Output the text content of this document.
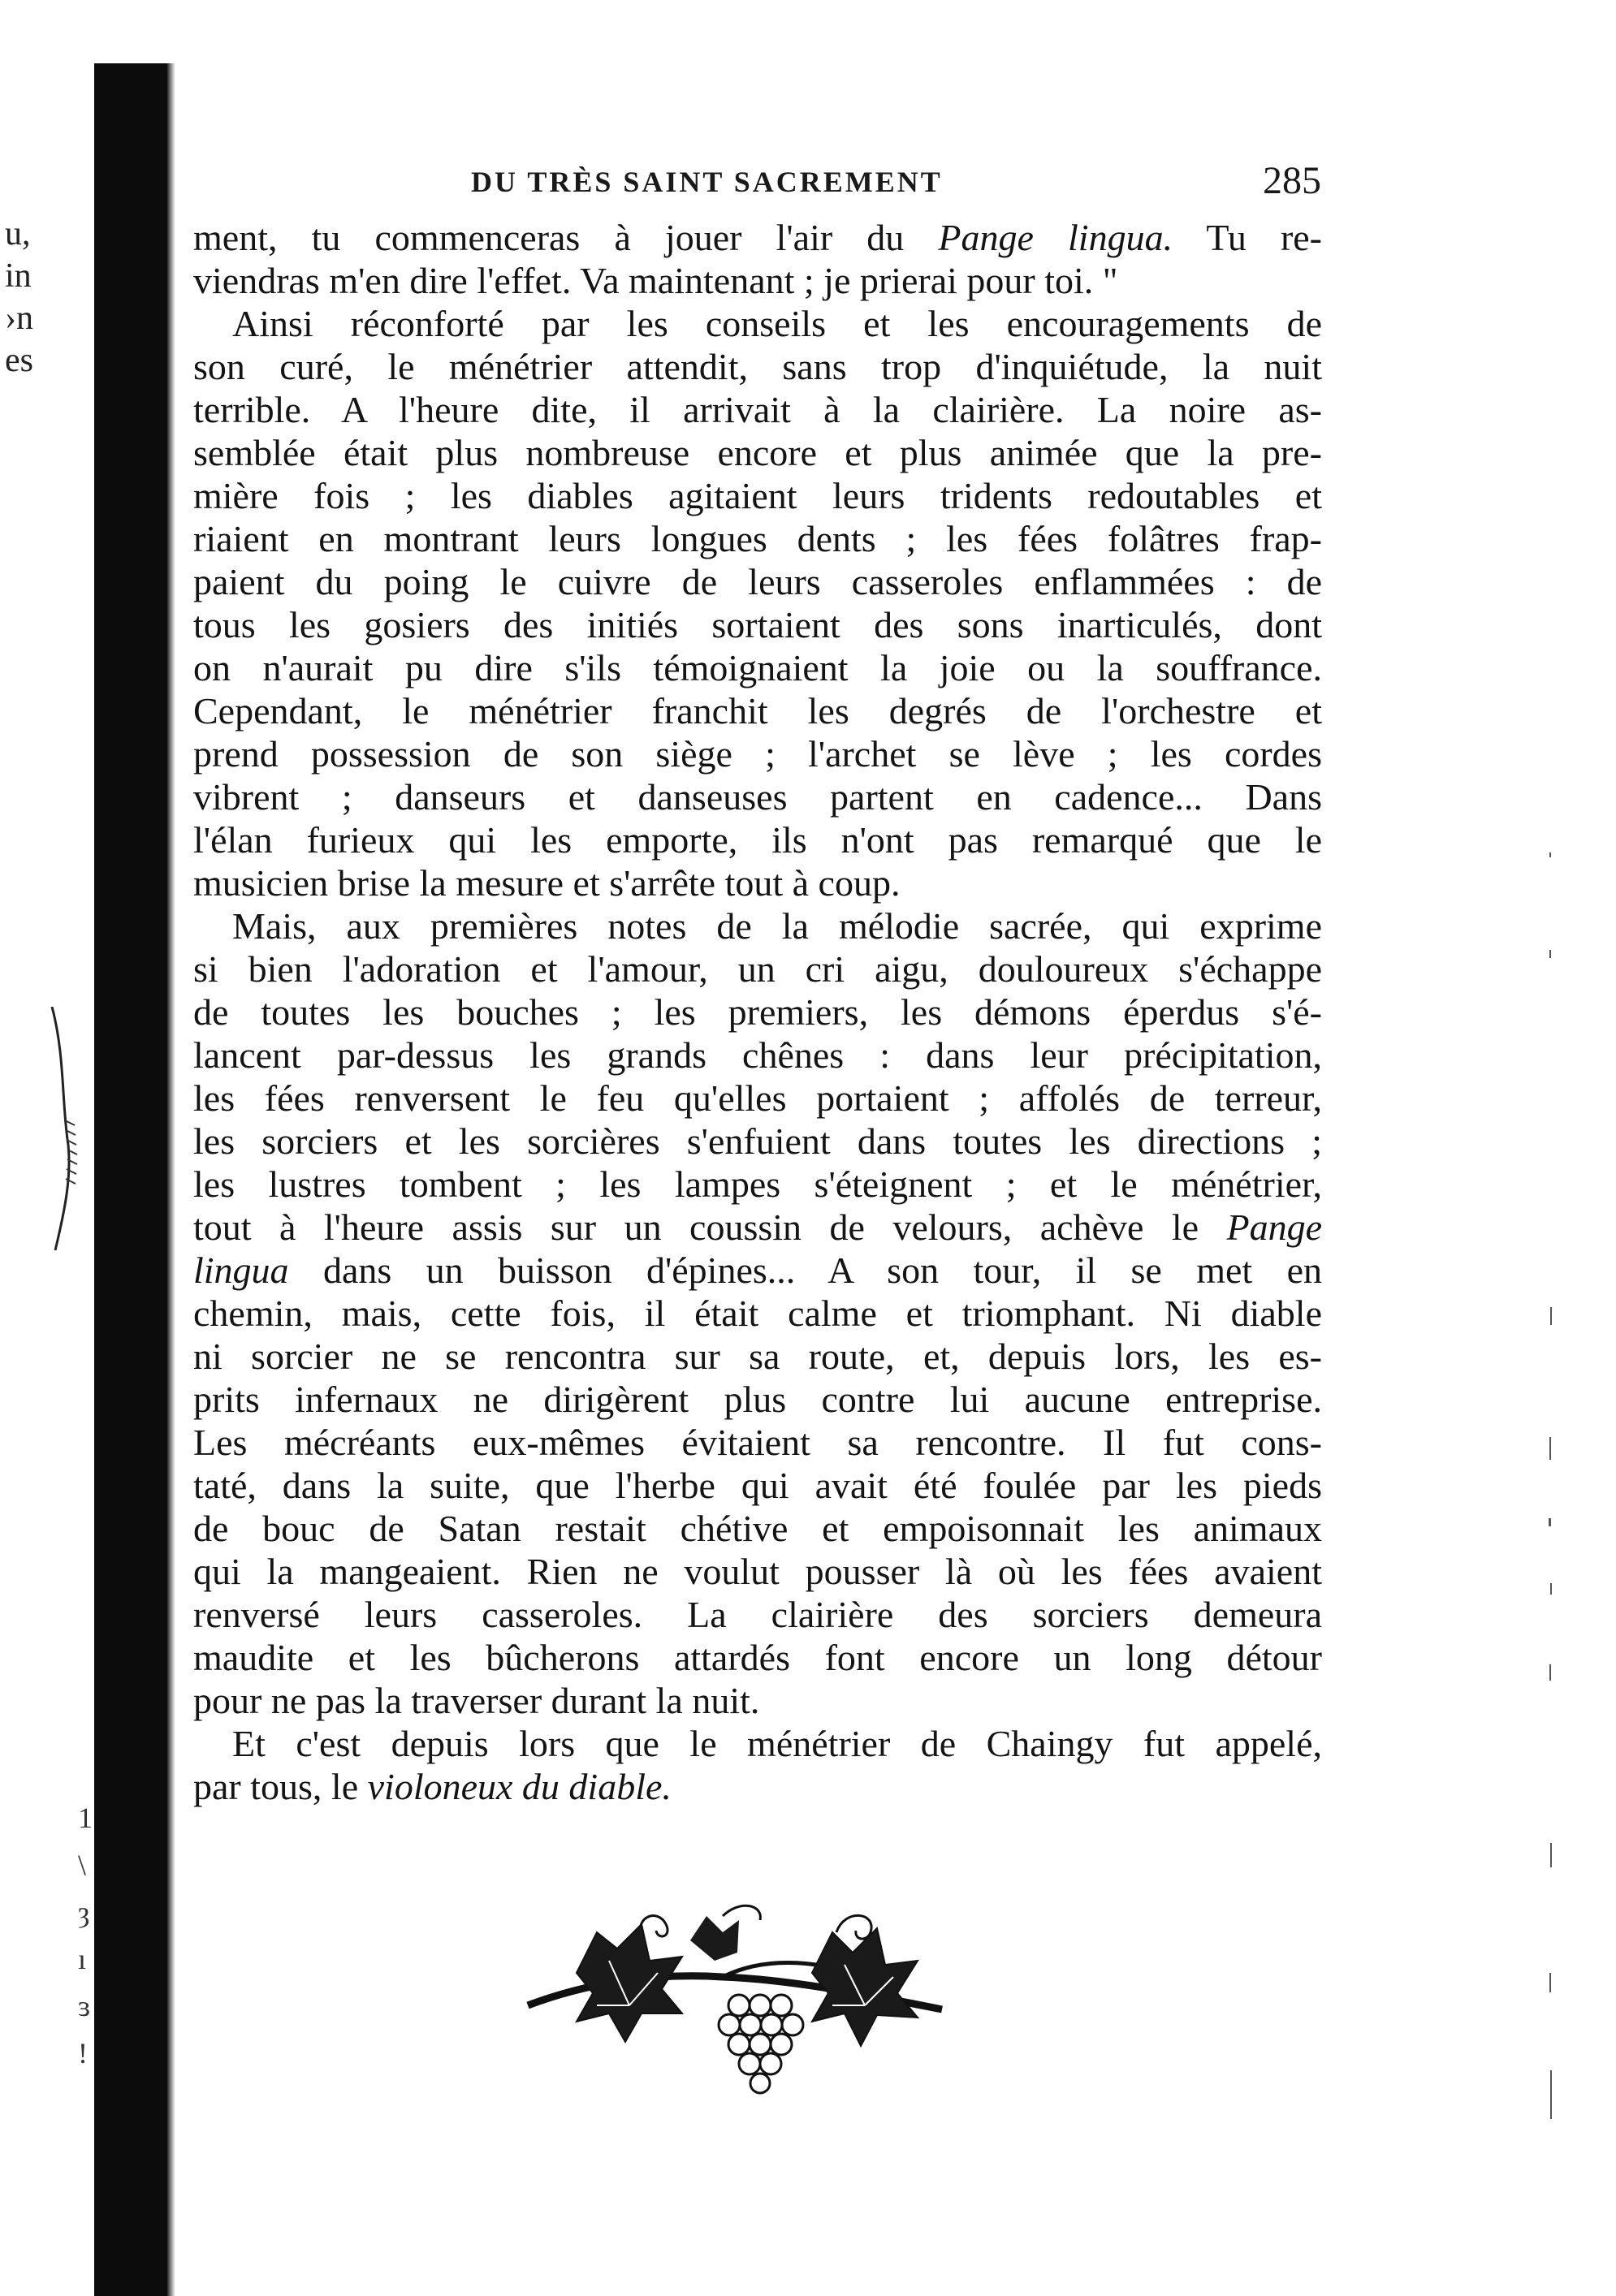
u,
in
›n
es
1
\
ȝ
ı
ɜ
!
DU TRÈS SAINT SACREMENT	285
ment, tu commenceras à jouer l'air du Pange lingua. Tu re-
viendras m'en dire l'effet. Va maintenant ; je prierai pour toi. "
Ainsi réconforté par les conseils et les encouragements de
son curé, le ménétrier attendit, sans trop d'inquiétude, la nuit
terrible. A l'heure dite, il arrivait à la clairière. La noire as-
semblée était plus nombreuse encore et plus animée que la pre-
mière fois ; les diables agitaient leurs tridents redoutables et
riaient en montrant leurs longues dents ; les fées folâtres frap-
paient du poing le cuivre de leurs casseroles enflammées : de
tous les gosiers des initiés sortaient des sons inarticulés, dont
on n'aurait pu dire s'ils témoignaient la joie ou la souffrance.
Cependant, le ménétrier franchit les degrés de l'orchestre et
prend possession de son siège ; l'archet se lève ; les cordes
vibrent ; danseurs et danseuses partent en cadence... Dans
l'élan furieux qui les emporte, ils n'ont pas remarqué que le
musicien brise la mesure et s'arrête tout à coup.
Mais, aux premières notes de la mélodie sacrée, qui exprime
si bien l'adoration et l'amour, un cri aigu, douloureux s'échappe
de toutes les bouches ; les premiers, les démons éperdus s'é-
lancent par-dessus les grands chênes : dans leur précipitation,
les fées renversent le feu qu'elles portaient ; affolés de terreur,
les sorciers et les sorcières s'enfuient dans toutes les directions ;
les lustres tombent ; les lampes s'éteignent ; et le ménétrier,
tout à l'heure assis sur un coussin de velours, achève le Pange
lingua dans un buisson d'épines... A son tour, il se met en
chemin, mais, cette fois, il était calme et triomphant. Ni diable
ni sorcier ne se rencontra sur sa route, et, depuis lors, les es-
prits infernaux ne dirigèrent plus contre lui aucune entreprise.
Les mécréants eux-mêmes évitaient sa rencontre. Il fut cons-
taté, dans la suite, que l'herbe qui avait été foulée par les pieds
de bouc de Satan restait chétive et empoisonnait les animaux
qui la mangeaient. Rien ne voulut pousser là où les fées avaient
renversé leurs casseroles. La clairière des sorciers demeura
maudite et les bûcherons attardés font encore un long détour
pour ne pas la traverser durant la nuit.
Et c'est depuis lors que le ménétrier de Chaingy fut appelé,
par tous, le violoneux du diable.
